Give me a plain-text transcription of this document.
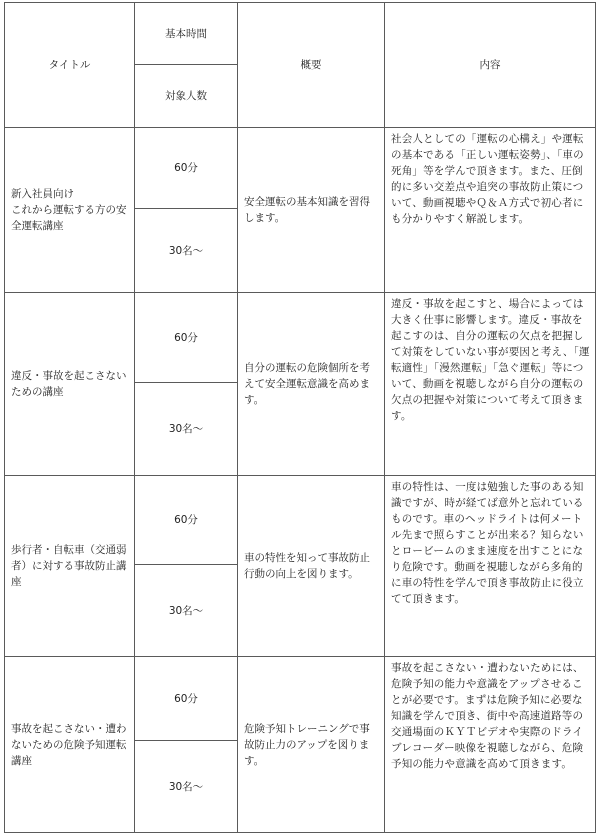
タイトル	基本時間	概要	内容
	対象人数		
新入社員向け
これから運転する方の安全運転講座	60分	安全運転の基本知識を習得します。	社会人としての「運転の心構え」や運転の基本である「正しい運転姿勢」、「車の死角」等を学んで頂きます。また、圧倒的に多い交差点や追突の事故防止策について、動画視聴やＱ＆Ａ方式で初心者にも分かりやすく解説します。
	30名～		
違反・事故を起こさないための講座	60分	自分の運転の危険個所を考えて安全運転意識を高めます。	違反・事故を起こすと、場合によっては大きく仕事に影響します。違反・事故を起こすのは、自分の運転の欠点を把握して対策をしていない事が要因と考え、「運転適性」「漫然運転」「急ぐ運転」等について、動画を視聴しながら自分の運転の欠点の把握や対策について考えて頂きます。
	30名～		
歩行者・自転車（交通弱者）に対する事故防止講座	60分	車の特性を知って事故防止行動の向上を図ります。	車の特性は、一度は勉強した事のある知識ですが、時が経てば意外と忘れているものです。車のヘッドライトは何メートル先まで照らすことが出来る？知らないとロービームのまま速度を出すことになり危険です。動画を視聴しながら多角的に車の特性を学んで頂き事故防止に役立てて頂きます。
	30名～		
事故を起こさない・遭わないための危険予知運転講座	60分	危険予知トレーニングで事故防止力のアップを図ります。	事故を起こさない・遭わないためには、危険予知の能力や意識をアップさせることが必要です。まずは危険予知に必要な知識を学んで頂き、街中や高速道路等の交通場面のＫＹＴビデオや実際のドライブレコーダー映像を視聴しながら、危険予知の能力や意識を高めて頂きます。
	30名～		
